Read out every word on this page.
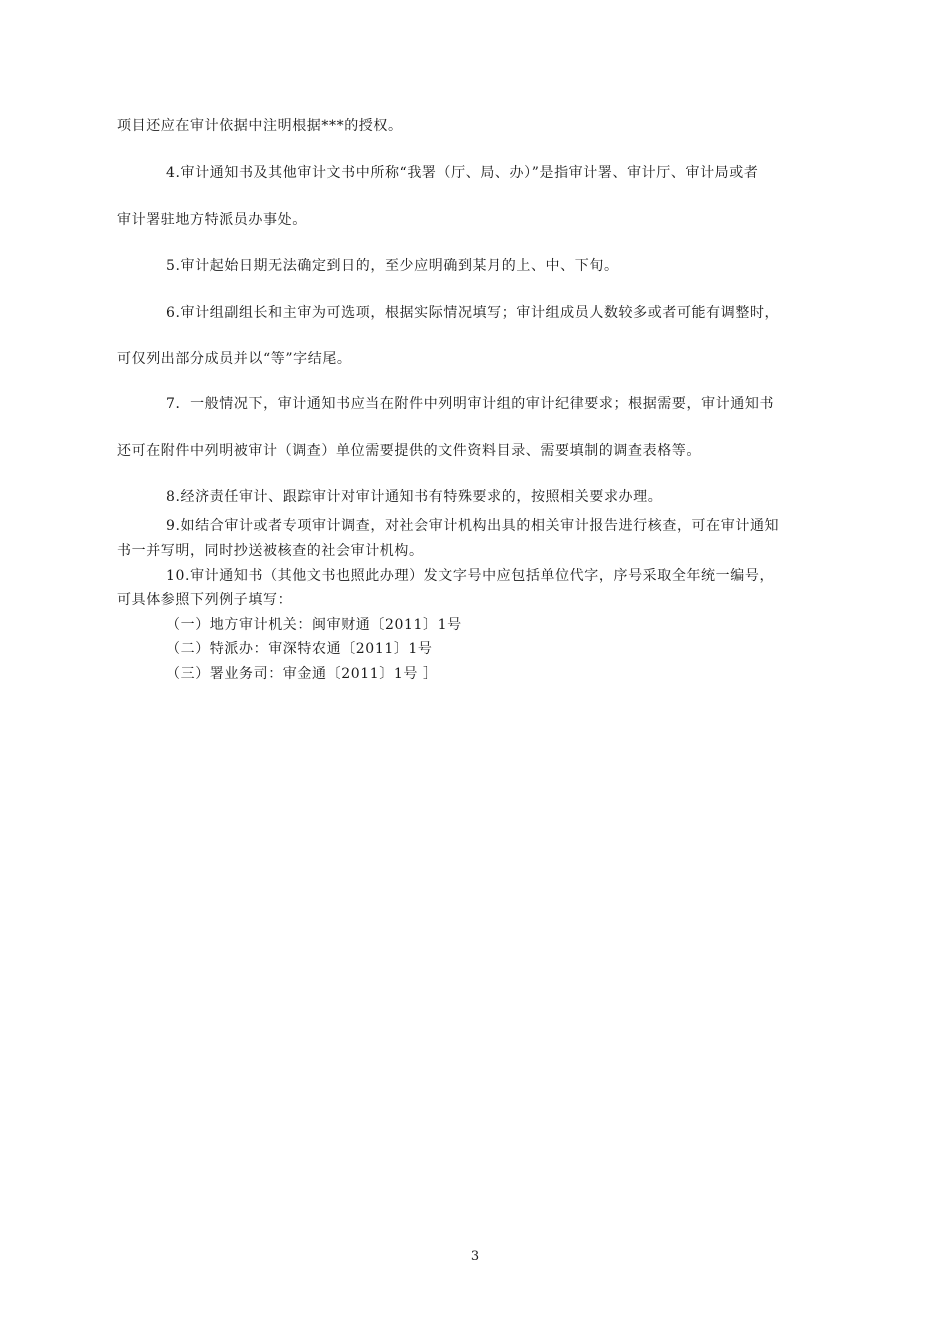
项目还应在审计依据中注明根据***的授权。
4.审计通知书及其他审计文书中所称“我署（厅、局、办）”是指审计署、审计厅、审计局或者
审计署驻地方特派员办事处。
5.审计起始日期无法确定到日的，至少应明确到某月的上、中、下旬。
6.审计组副组长和主审为可选项，根据实际情况填写；审计组成员人数较多或者可能有调整时，
可仅列出部分成员并以“等”字结尾。
7．一般情况下，审计通知书应当在附件中列明审计组的审计纪律要求；根据需要，审计通知书
还可在附件中列明被审计（调查）单位需要提供的文件资料目录、需要填制的调查表格等。
8.经济责任审计、跟踪审计对审计通知书有特殊要求的，按照相关要求办理。
9.如结合审计或者专项审计调查，对社会审计机构出具的相关审计报告进行核查，可在审计通知
书一并写明，同时抄送被核查的社会审计机构。
10.审计通知书（其他文书也照此办理）发文字号中应包括单位代字，序号采取全年统一编号，
可具体参照下列例子填写：
（一）地方审计机关：闽审财通〔2011〕1号
（二）特派办：审深特农通〔2011〕1号
（三）署业务司：审金通〔2011〕1号 ］
3
